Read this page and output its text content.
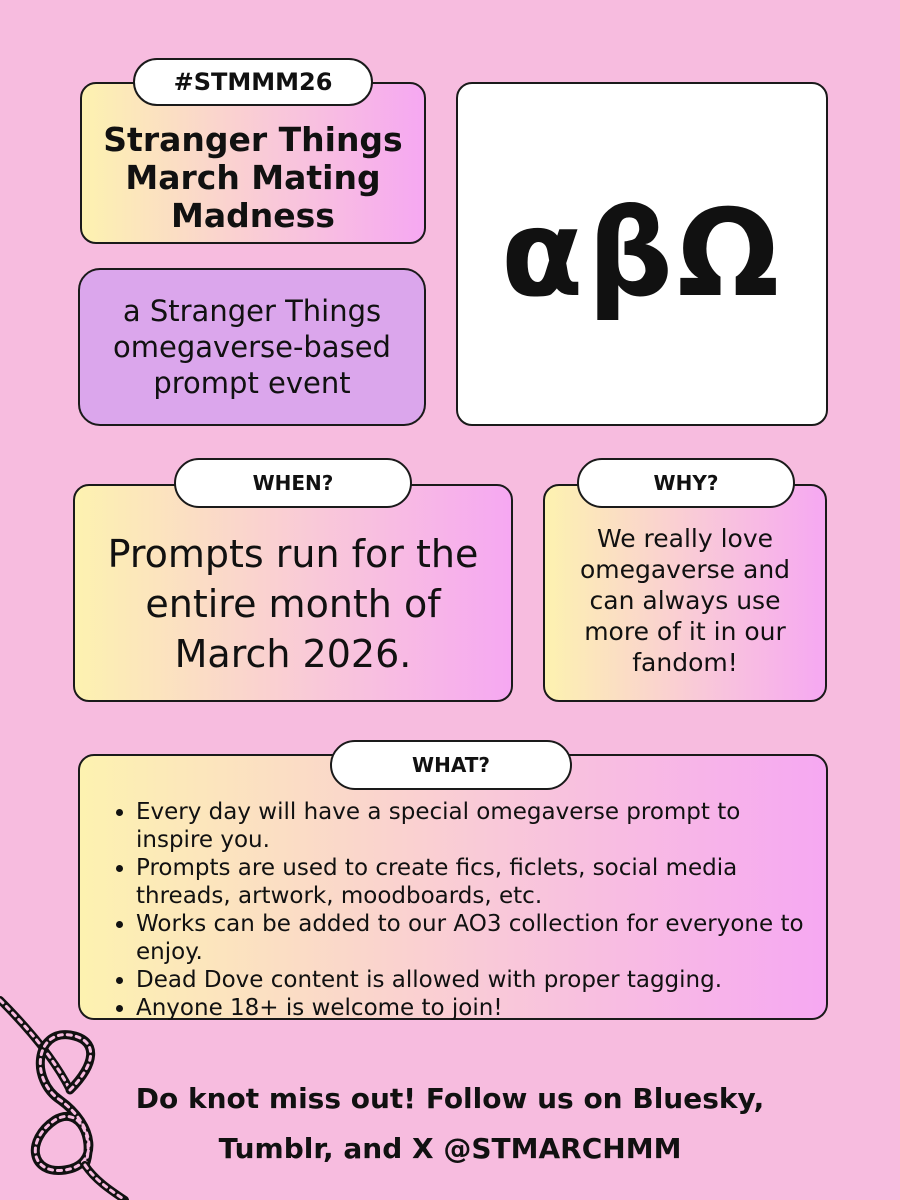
Stranger Things March Mating Madness
#STMMM26
a Stranger Things omegaverse-based prompt event
αβΩ
Prompts run for the entire month of March 2026.
WHEN?
We really love omegaverse and can always use more of it in our fandom!
WHY?
• Every day will have a special omegaverse prompt to inspire you.
• Prompts are used to create fics, ficlets, social media threads, artwork, moodboards, etc.
• Works can be added to our AO3 collection for everyone to enjoy.
• Dead Dove content is allowed with proper tagging.
• Anyone 18+ is welcome to join!
WHAT?
Do knot miss out! Follow us on Bluesky, Tumblr, and X @STMARCHMM
